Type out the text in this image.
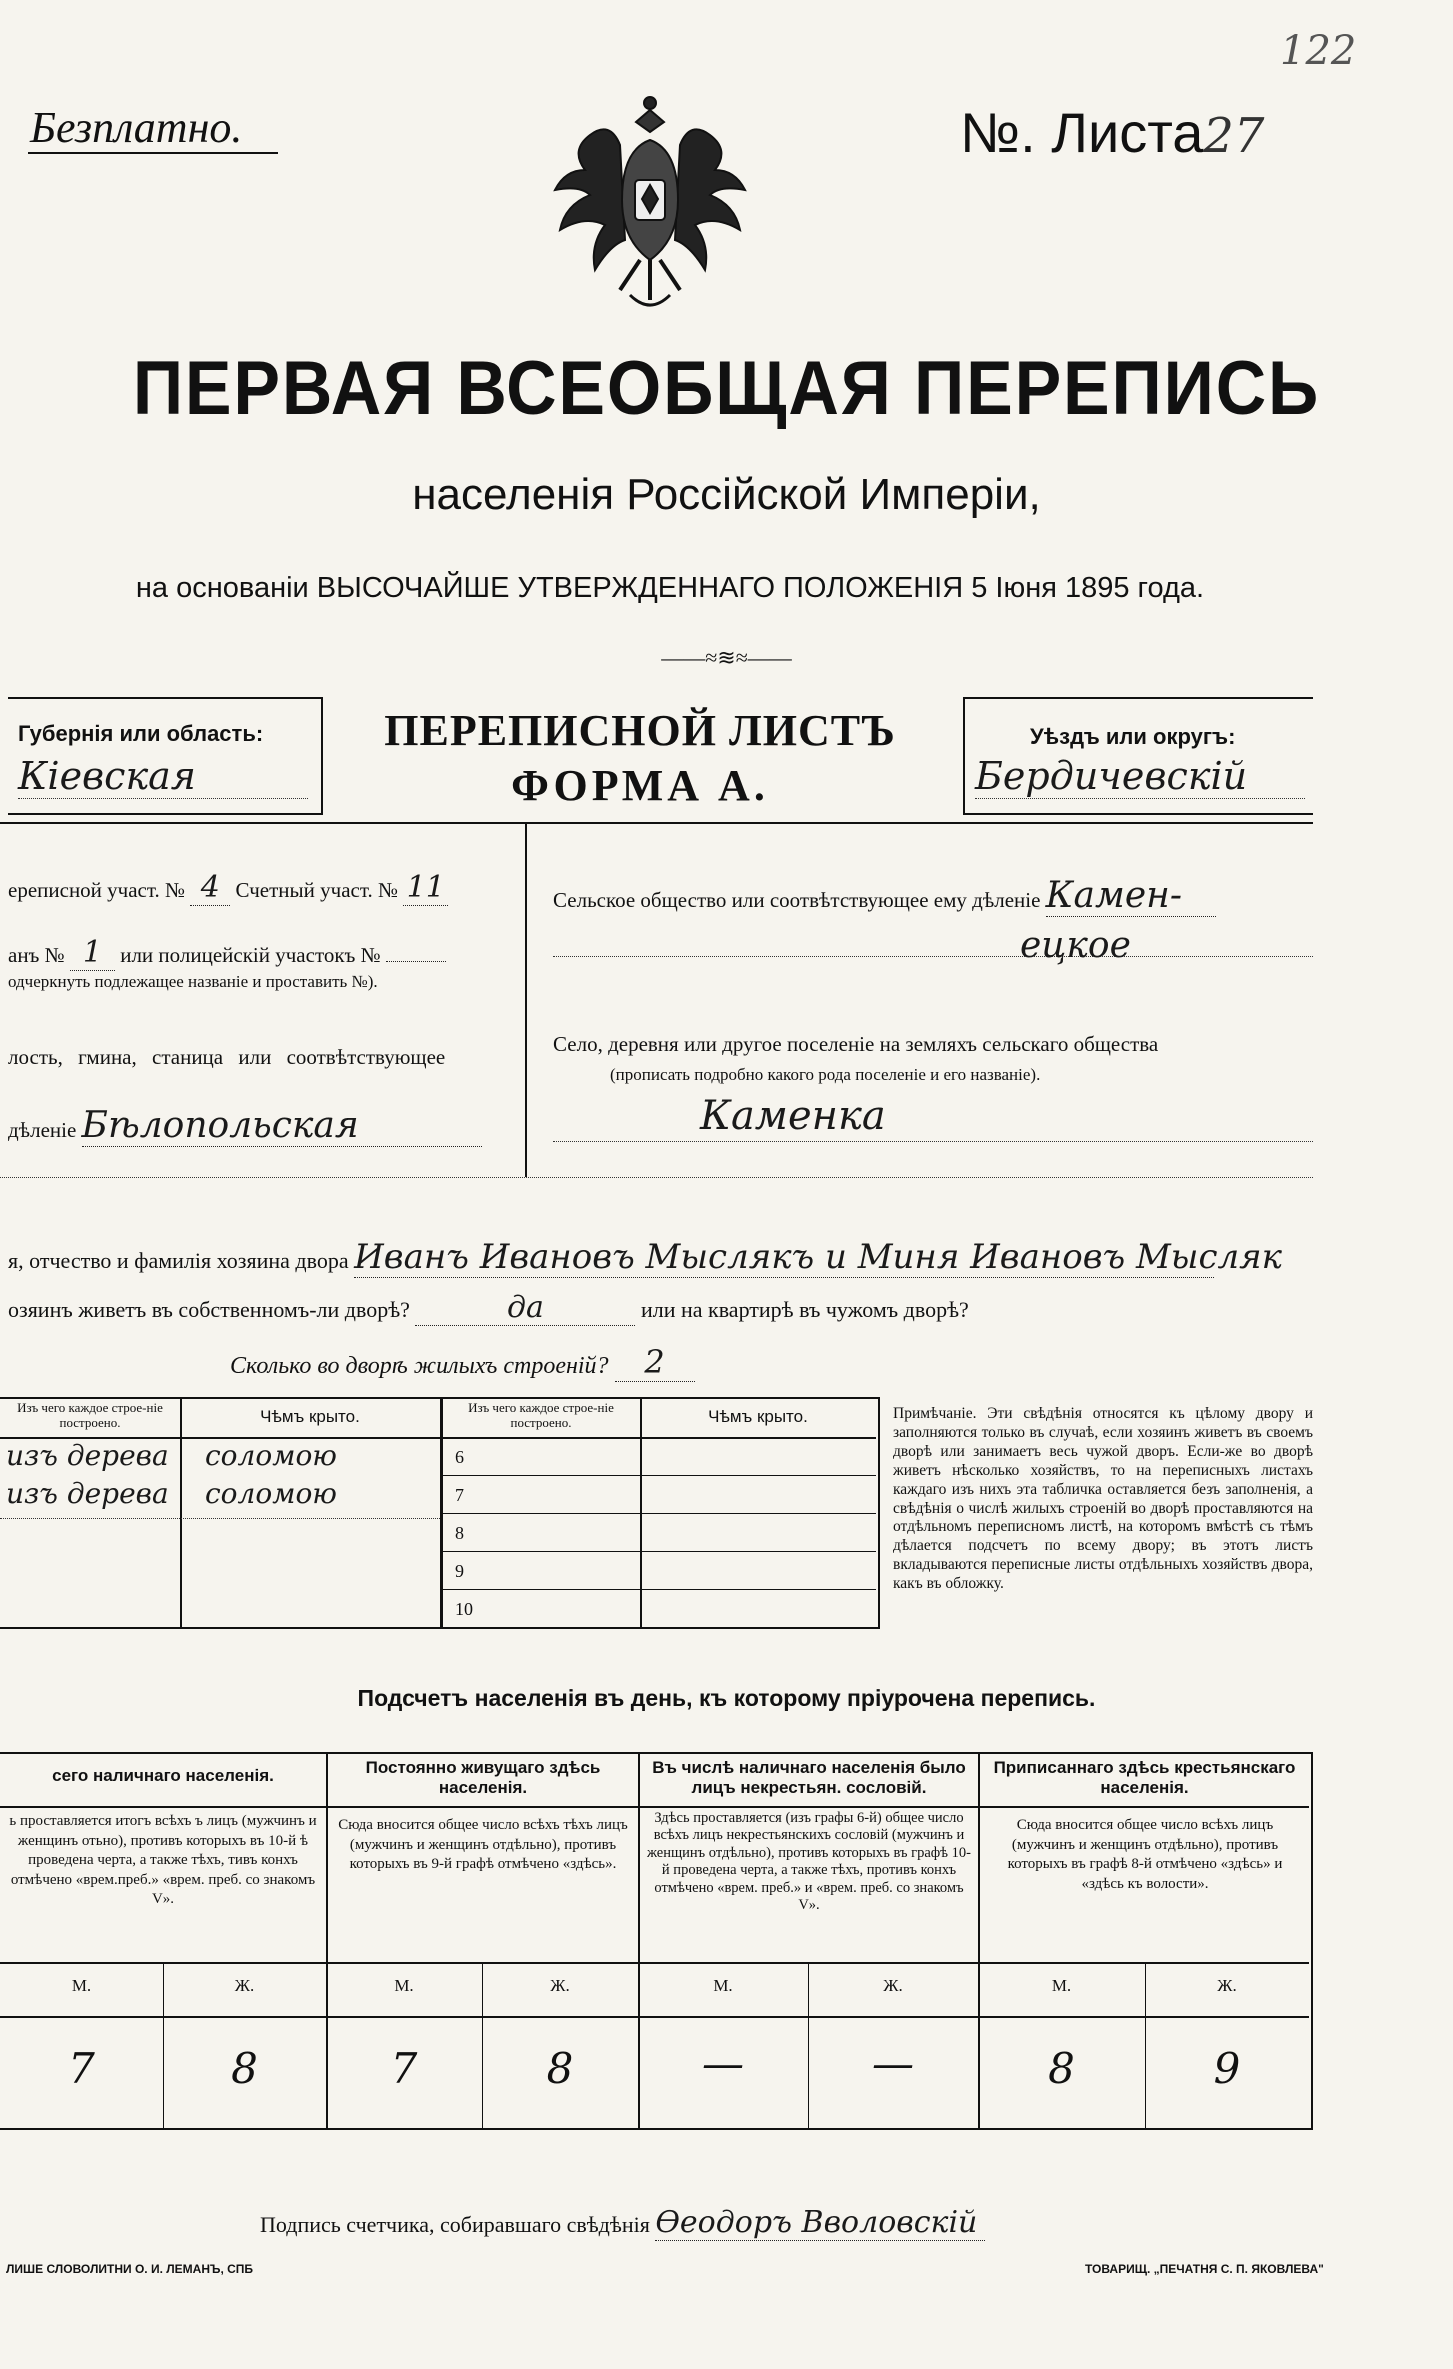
122
Безплатно.	№. Листа27
ПЕРВАЯ ВСЕОБЩАЯ ПЕРЕПИСЬ
населенія Россійской Имперіи,
на основаніи ВЫСОЧАЙШЕ УТВЕРЖДЕННАГО ПОЛОЖЕНІЯ 5 Іюня 1895 года.
——≈≋≈——
Губернія или область:
Кіевская
ПЕРЕПИСНОЙ ЛИСТЪ
ФОРМА А.
Уѣздъ или округъ:
Бердичевскій
ереписной участ. № 4 Счетный участ. № 11
анъ № 1 или полицейскій участокъ №
одчеркнуть подлежащее названіе и проставить №).
лость, гмина, станица или соотвѣтствующее
дѣленіе Бѣлопольская
Сельское общество или соотвѣтствующее ему дѣленіе Камен-
ецкое
Село, деревня или другое поселеніе на земляхъ сельскаго общества
(прописать подробно какого рода поселеніе и его названіе).
Каменка
я, отчество и фамилія хозяина двора Иванъ Ивановъ Мыслякъ и Миня Ивановъ Мысляк
озяинъ живетъ въ собственномъ-ли дворѣ?	да	или на квартирѣ въ чужомъ дворѣ?
Сколько во дворѣ жилыхъ строеній? 2
Изъ чего каждое строе-ніе построено.	Чѣмъ крыто.	Изъ чего каждое строе-ніе построено.	Чѣмъ крыто.
изъ дерева соломою
изъ дерева соломою
6
7
8
9
10
Примѣчаніе. Эти свѣдѣнія относятся къ цѣлому двору и заполняются только въ случаѣ, если хозяинъ живетъ въ своемъ дворѣ или занимаетъ весь чужой дворъ. Если-же во дворѣ живетъ нѣсколько хозяйствъ, то на переписныхъ листахъ каждаго изъ нихъ эта табличка оставляется безъ заполненія, а свѣдѣнія о числѣ жилыхъ строеній во дворѣ проставляются на отдѣльномъ переписномъ листѣ, на которомъ вмѣстѣ съ тѣмъ дѣлается подсчетъ по всему двору; въ этотъ листъ вкладываются переписные листы отдѣльныхъ хозяйствъ двора, какъ въ обложку.
Подсчетъ населенія въ день, къ которому пріурочена перепись.
сего наличнаго населенія.
ь проставляется итогъ всѣхъ ъ лицъ (мужчинъ и женщинъ отьно), противъ которыхъ въ 10-й ѣ проведена черта, а также тѣхъ, тивъ конхъ отмѣчено «врем.преб.» «врем. преб. со знакомъ V».
М.	Ж.
7	8
Постоянно живущаго здѣсь населенія.
Сюда вносится общее число всѣхъ тѣхъ лицъ (мужчинъ и женщинъ отдѣльно), противъ которыхъ въ 9-й графѣ отмѣчено «здѣсь».
М.	Ж.
7	8
Въ числѣ наличнаго населенія было лицъ некрестьян. сословій.
Здѣсь проставляется (изъ графы 6-й) общее число всѣхъ лицъ некрестьянскихъ сословій (мужчинъ и женщинъ отдѣльно), противъ которыхъ въ графѣ 10-й проведена черта, а также тѣхъ, противъ конхъ отмѣчено «врем. преб.» и «врем. преб. со знакомъ V».
М.	Ж.
—	—
Приписаннаго здѣсь крестьянскаго населенія.
Сюда вносится общее число всѣхъ лицъ (мужчинъ и женщинъ отдѣльно), противъ которыхъ въ графѣ 8-й отмѣчено «здѣсь» и «здѣсь къ волости».
М.	Ж.
8	9
Подпись счетчика, собиравшаго свѣдѣнія Өеодоръ Вволовскій
ЛИШЕ СЛОВОЛИТНИ О. И. ЛЕМАНЪ, СПБ	ТОВАРИЩ. „ПЕЧАТНЯ С. П. ЯКОВЛЕВА"
